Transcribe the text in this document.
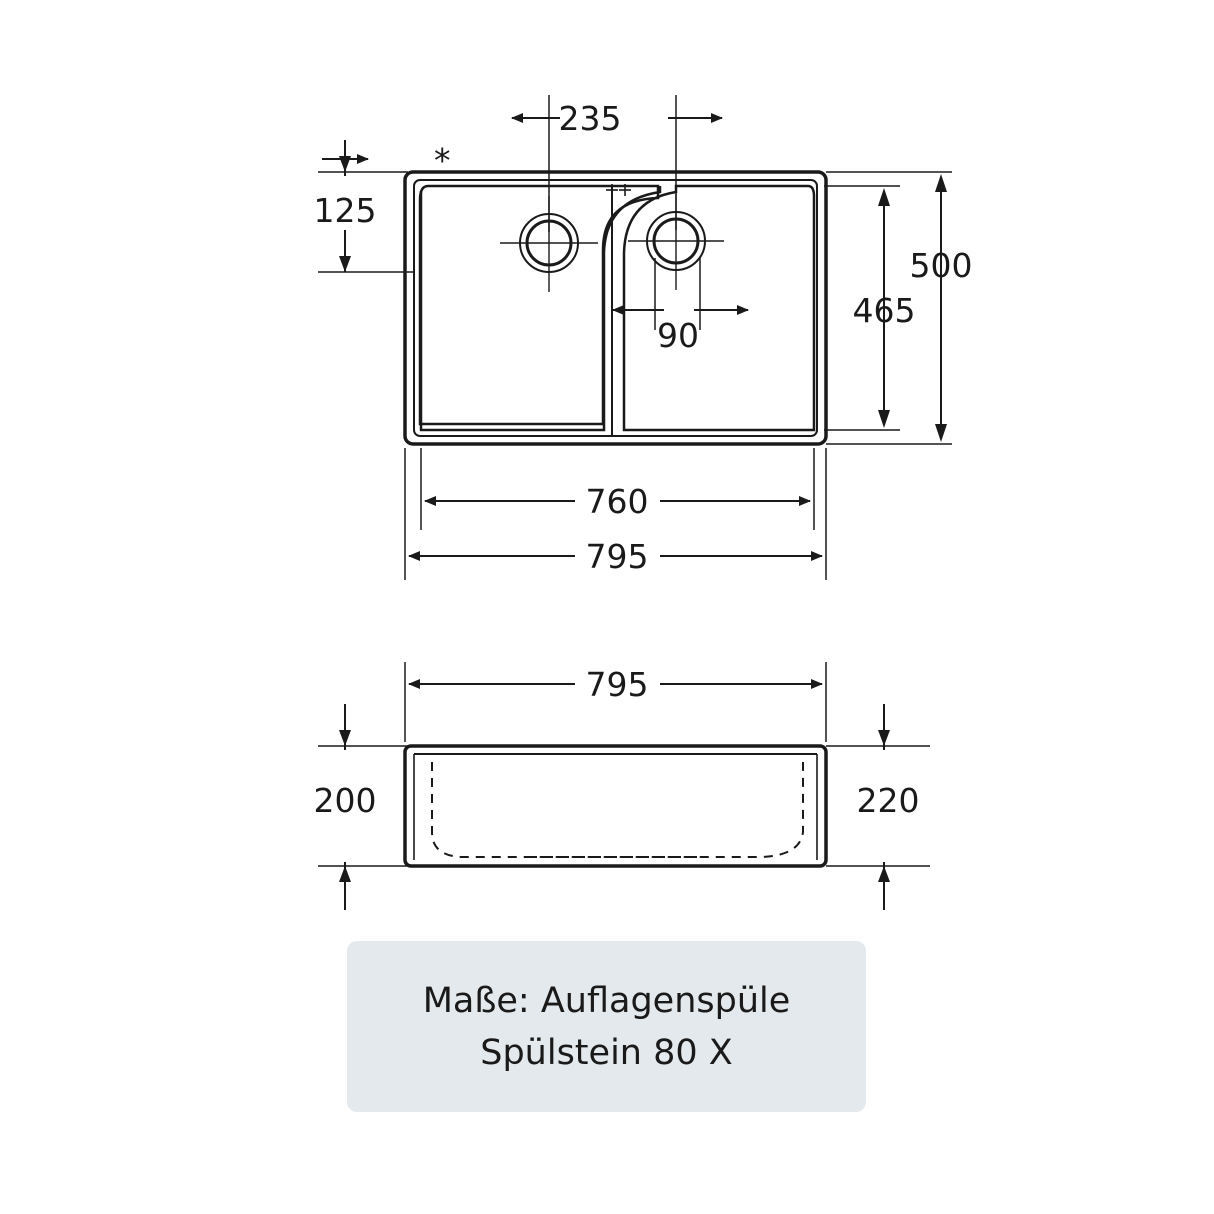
*
235
125
90
465
500
760
795
795
200	220
Maße: Auflagenspüle
Spülstein 80 X
